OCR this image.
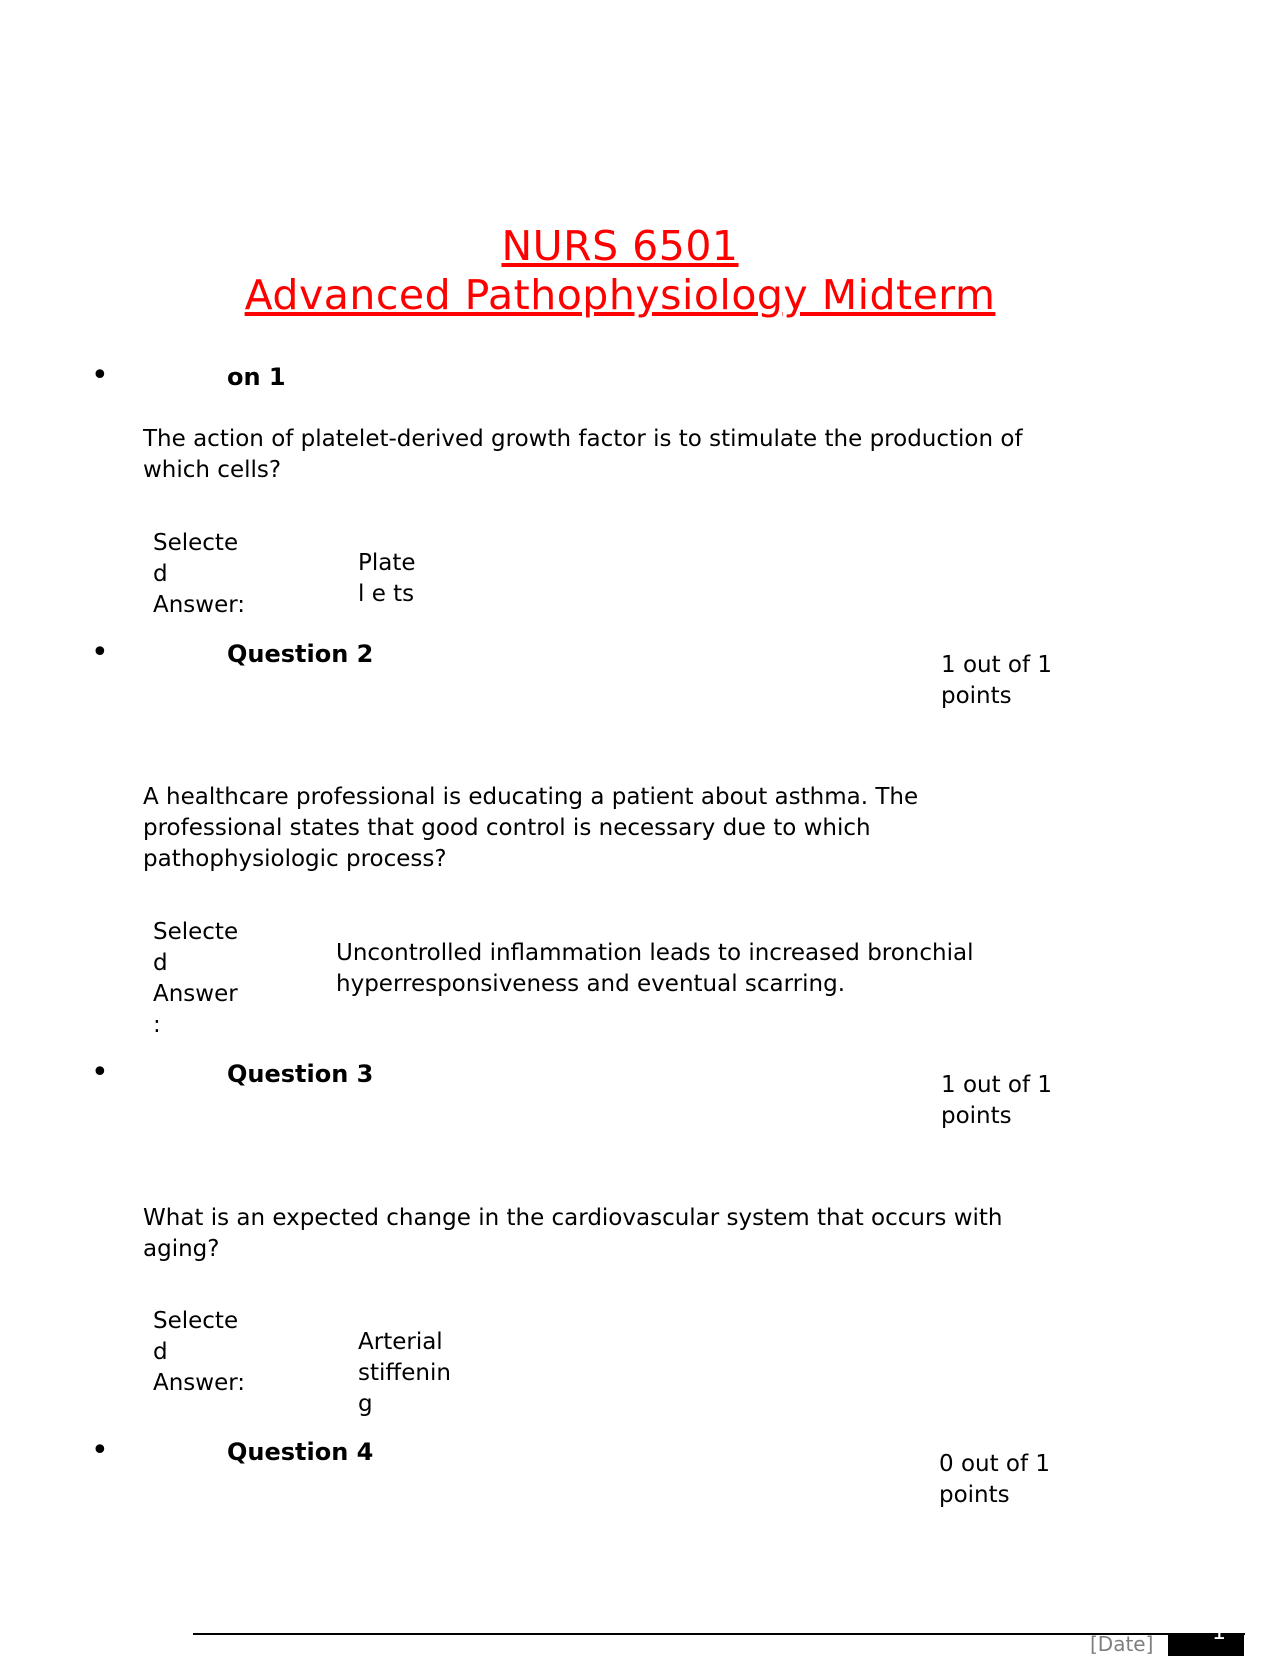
NURS 6501
Advanced Pathophysiology Midterm
•	on 1
The action of platelet-derived growth factor is to stimulate the production of
which cells?
Selecte
d
Answer:
Plate
l e ts
•	Question 2	1 out of 1
points
A healthcare professional is educating a patient about asthma. The
professional states that good control is necessary due to which
pathophysiologic process?
Selecte
d
Answer
:
Uncontrolled inflammation leads to increased bronchial
hyperresponsiveness and eventual scarring.
•	Question 3	1 out of 1
points
What is an expected change in the cardiovascular system that occurs with
aging?
Selecte
d
Answer:
Arterial
stiffenin
g
•	Question 4	0 out of 1
points
[Date]	1
